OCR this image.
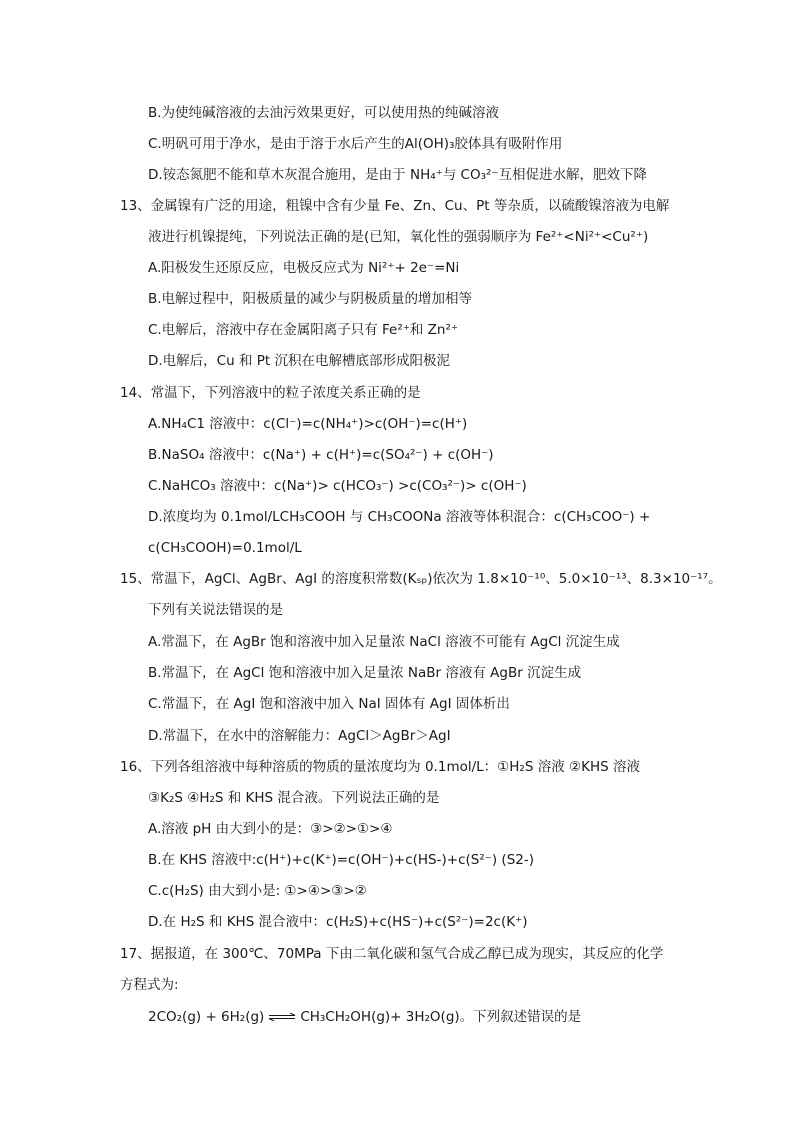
B.为使纯碱溶液的去油污效果更好，可以使用热的纯碱溶液
C.明矾可用于净水，是由于溶于水后产生的Al(OH)₃胶体具有吸附作用
D.铵态氮肥不能和草木灰混合施用，是由于 NH₄⁺与 CO₃²⁻互相促进水解，肥效下降
13、金属镍有广泛的用途，粗镍中含有少量 Fe、Zn、Cu、Pt 等杂质，以硫酸镍溶液为电解
液进行机镍提纯，下列说法正确的是(已知，氧化性的强弱顺序为 Fe²⁺<Ni²⁺<Cu²⁺)
A.阳极发生还原反应，电极反应式为 Ni²⁺+ 2e⁻=Ni
B.电解过程中，阳极质量的减少与阴极质量的增加相等
C.电解后，溶液中存在金属阳离子只有 Fe²⁺和 Zn²⁺
D.电解后，Cu 和 Pt 沉积在电解槽底部形成阳极泥
14、常温下，下列溶液中的粒子浓度关系正确的是
A.NH₄C1 溶液中：c(Cl⁻)=c(NH₄⁺)>c(OH⁻)=c(H⁺)
B.NaSO₄ 溶液中：c(Na⁺) + c(H⁺)=c(SO₄²⁻) + c(OH⁻)
C.NaHCO₃ 溶液中：c(Na⁺)> c(HCO₃⁻) >c(CO₃²⁻)> c(OH⁻)
D.浓度均为 0.1mol/LCH₃COOH 与 CH₃COONa 溶液等体积混合：c(CH₃COO⁻) +
c(CH₃COOH)=0.1mol/L
15、常温下，AgCl、AgBr、AgI 的溶度积常数(Kₛₚ)依次为 1.8×10⁻¹⁰、5.0×10⁻¹³、8.3×10⁻¹⁷。
下列有关说法错误的是
A.常温下，在 AgBr 饱和溶液中加入足量浓 NaCl 溶液不可能有 AgCl 沉淀生成
B.常温下，在 AgCl 饱和溶液中加入足量浓 NaBr 溶液有 AgBr 沉淀生成
C.常温下，在 AgI 饱和溶液中加入 NaI 固体有 AgI 固体析出
D.常温下，在水中的溶解能力：AgCl＞AgBr＞AgI
16、下列各组溶液中每种溶质的物质的量浓度均为 0.1mol/L：①H₂S 溶液 ②KHS 溶液
③K₂S ④H₂S 和 KHS 混合液。下列说法正确的是
A.溶液 pH 由大到小的是：③>②>①>④
B.在 KHS 溶液中:c(H⁺)+c(K⁺)=c(OH⁻)+c(HS-)+c(S²⁻) (S2-)
C.c(H₂S) 由大到小是: ①>④>③>②
D.在 H₂S 和 KHS 混合液中：c(H₂S)+c(HS⁻)+c(S²⁻)=2c(K⁺)
17、据报道，在 300℃、70MPa 下由二氧化碳和氢气合成乙醇已成为现实，其反应的化学
方程式为:
2CO₂(g) + 6H₂(g) ⇌ CH₃CH₂OH(g)+ 3H₂O(g)。下列叙述错误的是
